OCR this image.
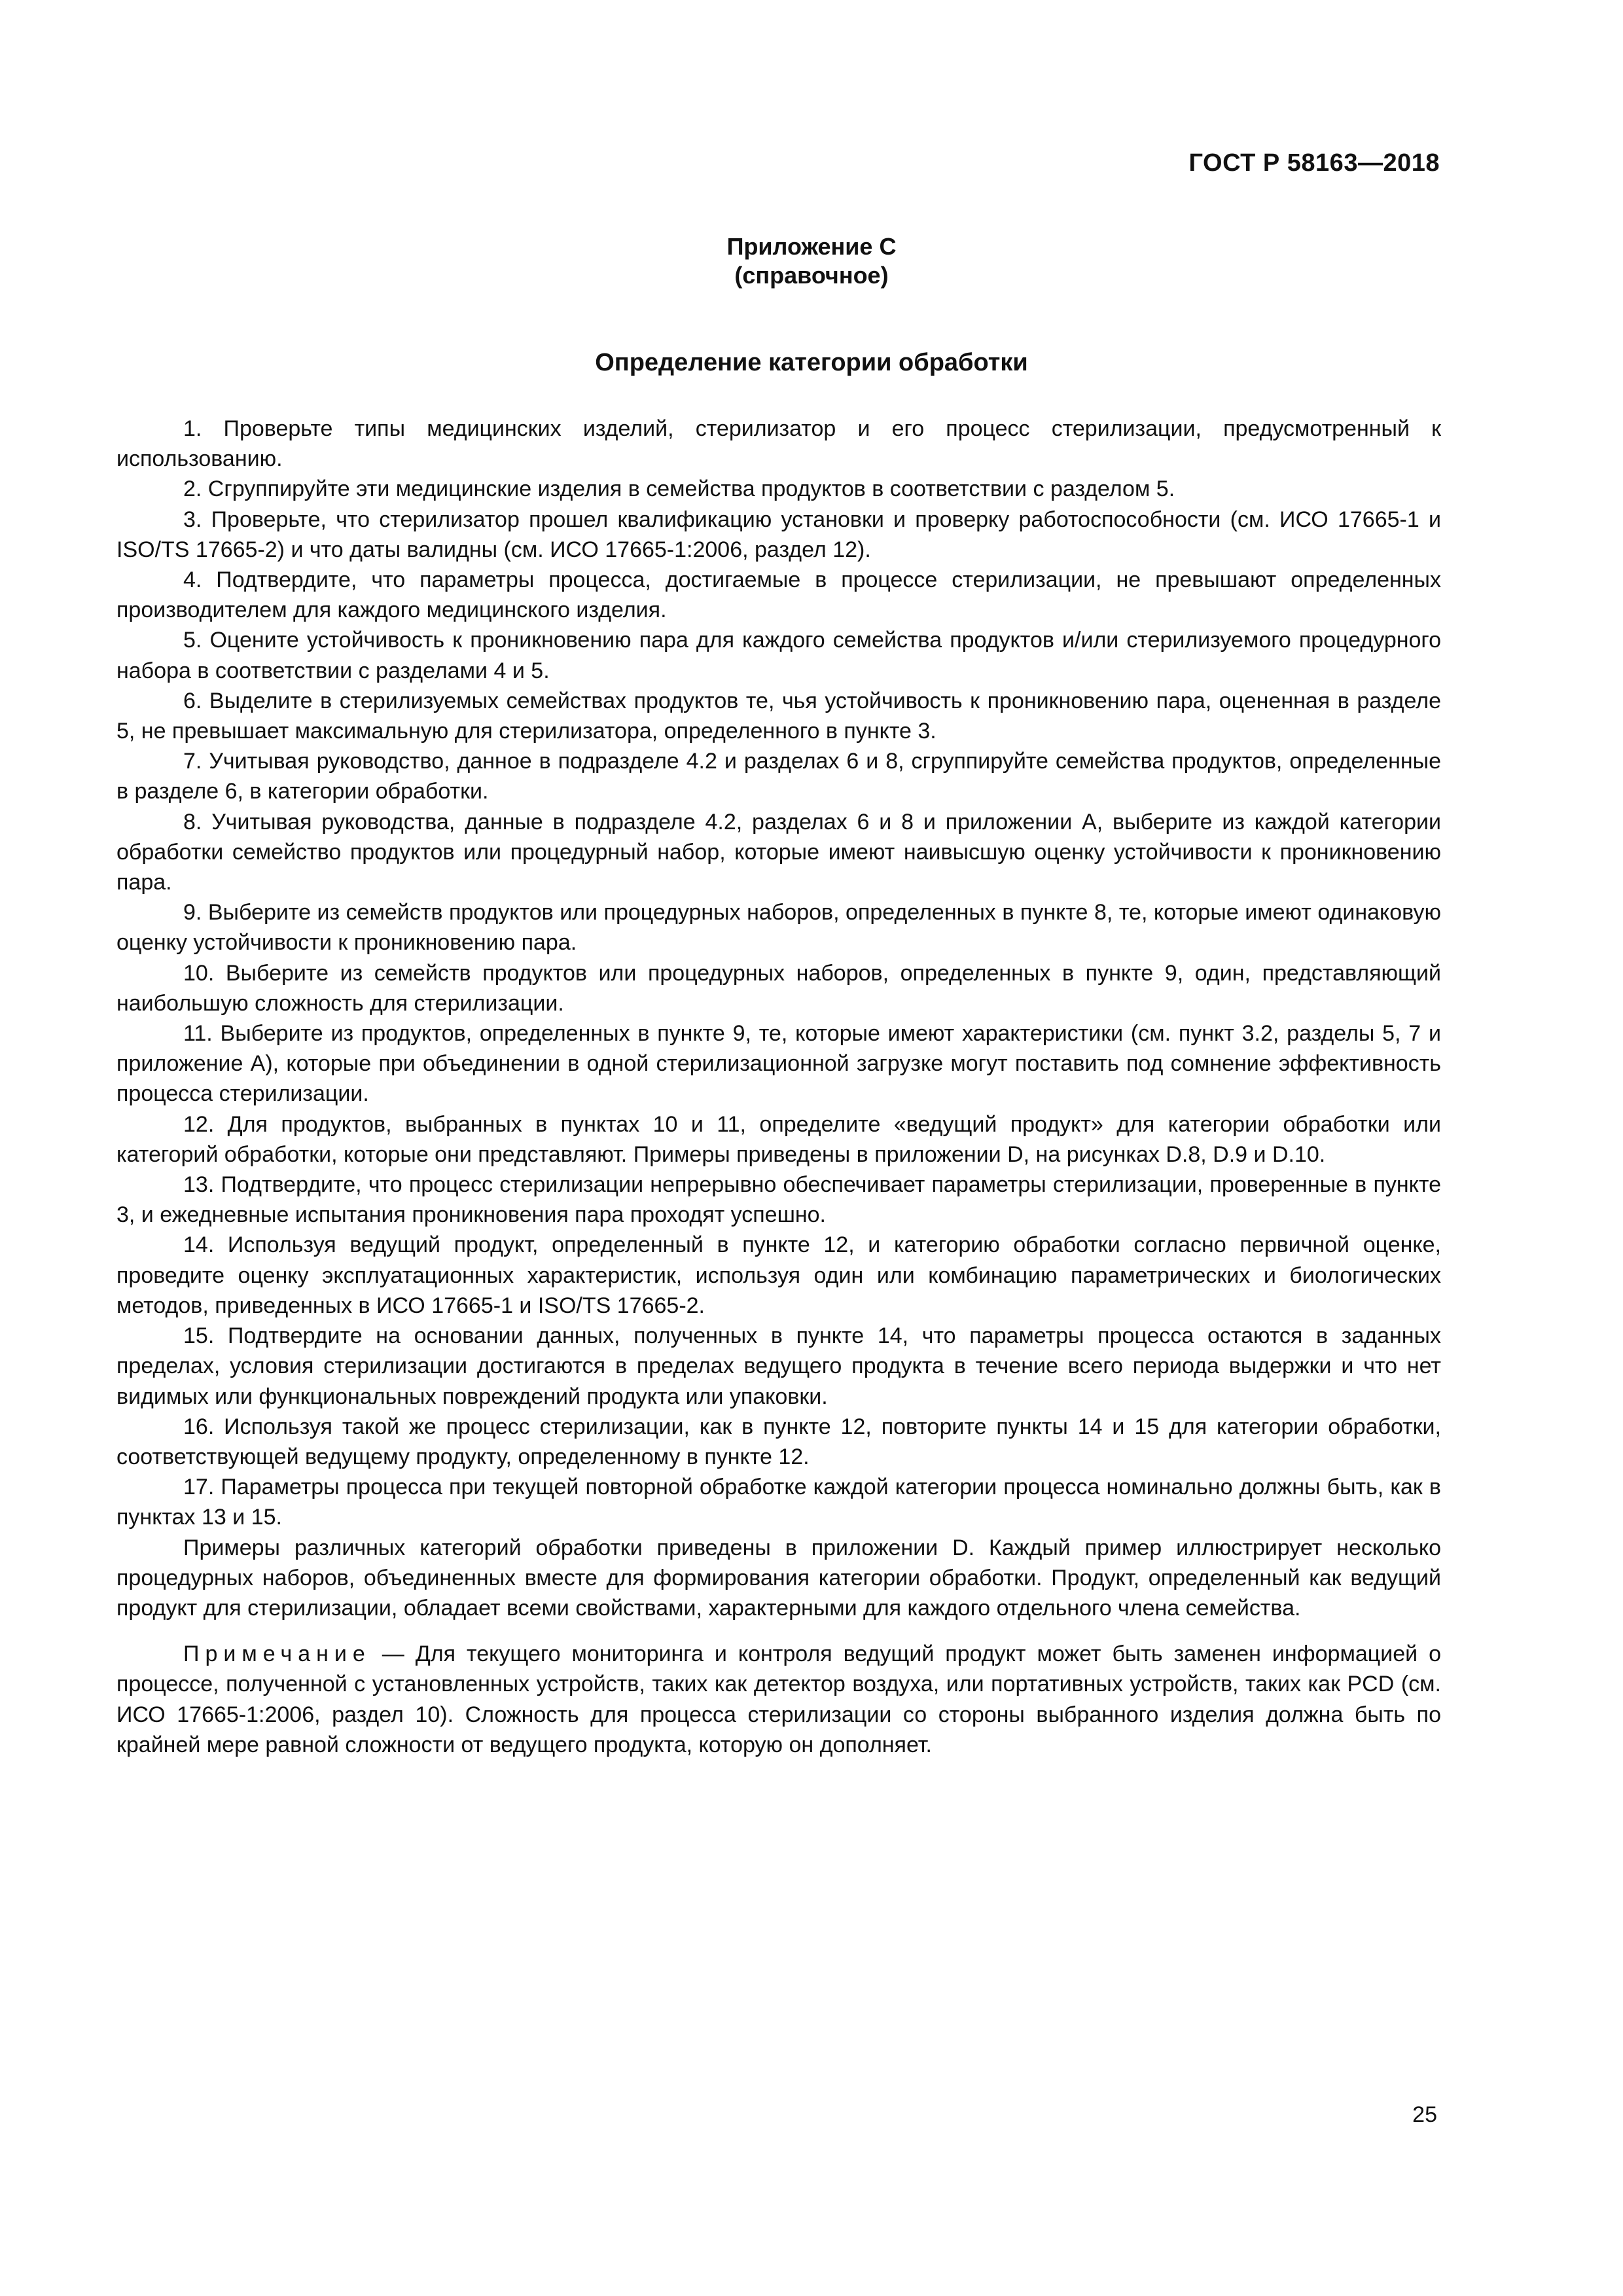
ГОСТ Р 58163—2018
Приложение С
(справочное)
Определение категории обработки

1. Проверьте типы медицинских изделий, стерилизатор и его процесс стерилизации, предусмотренный к использованию.

2. Сгруппируйте эти медицинские изделия в семейства продуктов в соответствии с разделом 5.

3. Проверьте, что стерилизатор прошел квалификацию установки и проверку работоспособности (см. ИСО 17665-1 и ISO/TS 17665-2) и что даты валидны (см. ИСО 17665-1:2006, раздел 12).

4. Подтвердите, что параметры процесса, достигаемые в процессе стерилизации, не превышают определенных производителем для каждого медицинского изделия.

5. Оцените устойчивость к проникновению пара для каждого семейства продуктов и/или стерилизуемого процедурного набора в соответствии с разделами 4 и 5.

6. Выделите в стерилизуемых семействах продуктов те, чья устойчивость к проникновению пара, оцененная в разделе 5, не превышает максимальную для стерилизатора, определенного в пункте 3.

7. Учитывая руководство, данное в подразделе 4.2 и разделах 6 и 8, сгруппируйте семейства продуктов, определенные в разделе 6, в категории обработки.

8. Учитывая руководства, данные в подразделе 4.2, разделах 6 и 8 и приложении А, выберите из каждой категории обработки семейство продуктов или процедурный набор, которые имеют наивысшую оценку устойчивости к проникновению пара.

9. Выберите из семейств продуктов или процедурных наборов, определенных в пункте 8, те, которые имеют одинаковую оценку устойчивости к проникновению пара.

10. Выберите из семейств продуктов или процедурных наборов, определенных в пункте 9, один, представляющий наибольшую сложность для стерилизации.

11. Выберите из продуктов, определенных в пункте 9, те, которые имеют характеристики (см. пункт 3.2, разделы 5, 7 и приложение А), которые при объединении в одной стерилизационной загрузке могут поставить под сомнение эффективность процесса стерилизации.

12. Для продуктов, выбранных в пунктах 10 и 11, определите «ведущий продукт» для категории обработки или категорий обработки, которые они представляют. Примеры приведены в приложении D, на рисунках D.8, D.9 и D.10.

13. Подтвердите, что процесс стерилизации непрерывно обеспечивает параметры стерилизации, проверенные в пункте 3, и ежедневные испытания проникновения пара проходят успешно.

14. Используя ведущий продукт, определенный в пункте 12, и категорию обработки согласно первичной оценке, проведите оценку эксплуатационных характеристик, используя один или комбинацию параметрических и биологических методов, приведенных в ИСО 17665-1 и ISO/TS 17665-2.

15. Подтвердите на основании данных, полученных в пункте 14, что параметры процесса остаются в заданных пределах, условия стерилизации достигаются в пределах ведущего продукта в течение всего периода выдержки и что нет видимых или функциональных повреждений продукта или упаковки.

16. Используя такой же процесс стерилизации, как в пункте 12, повторите пункты 14 и 15 для категории обработки, соответствующей ведущему продукту, определенному в пункте 12.

17. Параметры процесса при текущей повторной обработке каждой категории процесса номинально должны быть, как в пунктах 13 и 15.

Примеры различных категорий обработки приведены в приложении D. Каждый пример иллюстрирует несколько процедурных наборов, объединенных вместе для формирования категории обработки. Продукт, определенный как ведущий продукт для стерилизации, обладает всеми свойствами, характерными для каждого отдельного члена семейства.

Примечание — Для текущего мониторинга и контроля ведущий продукт может быть заменен информацией о процессе, полученной с установленных устройств, таких как детектор воздуха, или портативных устройств, таких как PCD (см. ИСО 17665-1:2006, раздел 10). Сложность для процесса стерилизации со стороны выбранного изделия должна быть по крайней мере равной сложности от ведущего продукта, которую он дополняет.

25
